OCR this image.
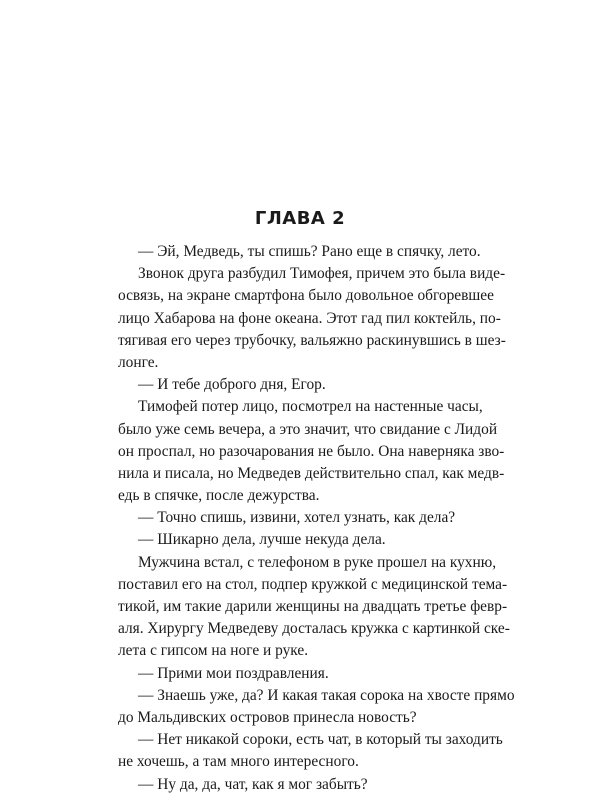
ГЛАВА 2
— Эй, Медведь, ты спишь? Рано еще в спячку, лето.
Звонок друга разбудил Тимофея, причем это была виде-
освязь, на экране смартфона было довольное обгоревшее
лицо Хабарова на фоне океана. Этот гад пил коктейль, по-
тягивая его через трубочку, вальяжно раскинувшись в шез-
лонге.
— И тебе доброго дня, Егор.
Тимофей потер лицо, посмотрел на настенные часы,
было уже семь вечера, а это значит, что свидание с Лидой
он проспал, но разочарования не было. Она наверняка зво-
нила и писала, но Медведев действительно спал, как медв-
едь в спячке, после дежурства.
— Точно спишь, извини, хотел узнать, как дела?
— Шикарно дела, лучше некуда дела.
Мужчина встал, с телефоном в руке прошел на кухню,
поставил его на стол, подпер кружкой с медицинской тема-
тикой, им такие дарили женщины на двадцать третье февр-
аля. Хирургу Медведеву досталась кружка с картинкой ске-
лета с гипсом на ноге и руке.
— Прими мои поздравления.
— Знаешь уже, да? И какая такая сорока на хвосте прямо
до Мальдивских островов принесла новость?
— Нет никакой сороки, есть чат, в который ты заходить
не хочешь, а там много интересного.
— Ну да, да, чат, как я мог забыть?
